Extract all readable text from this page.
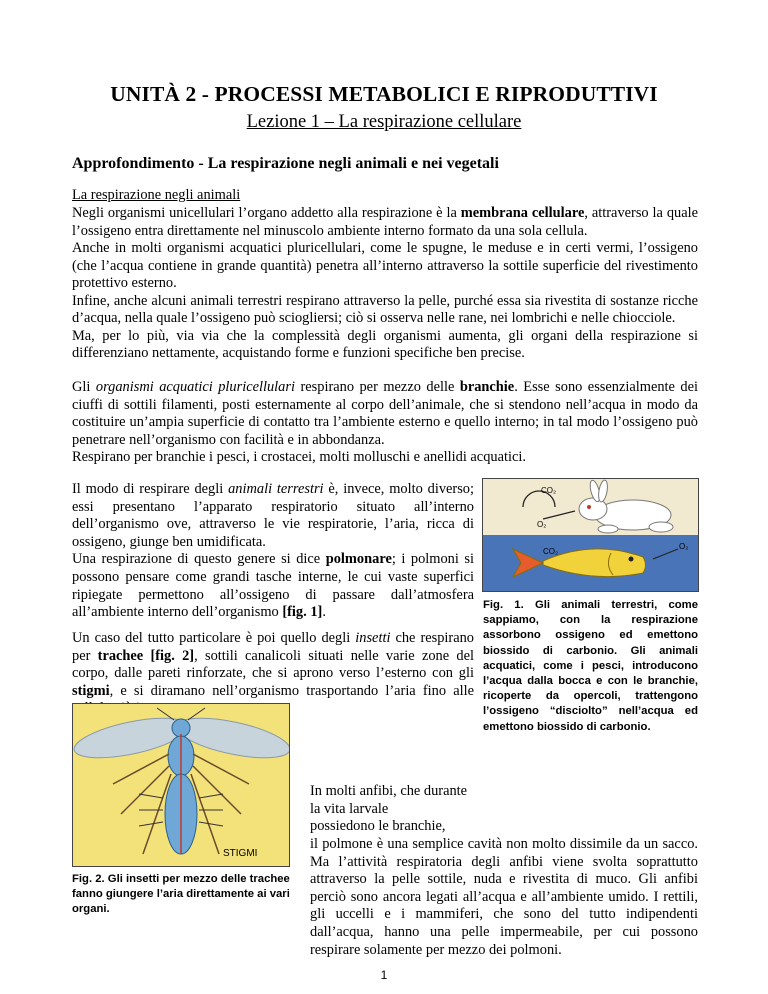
UNITÀ 2 - PROCESSI METABOLICI E RIPRODUTTIVI
Lezione 1 – La respirazione cellulare
Approfondimento - La respirazione negli animali e nei vegetali
La respirazione negli animali
Negli organismi unicellulari l’organo addetto alla respirazione è la membrana cellulare, attraverso la quale l’ossigeno entra direttamente nel minuscolo ambiente interno formato da una sola cellula.
Anche in molti organismi acquatici pluricellulari, come le spugne, le meduse e in certi vermi, l’ossigeno (che l’acqua contiene in grande quantità) penetra all’interno attraverso la sottile superficie del rivestimento protettivo esterno.
Infine, anche alcuni animali terrestri respirano attraverso la pelle, purché essa sia rivestita di sostanze ricche d’acqua, nella quale l’ossigeno può sciogliersi; ciò si osserva nelle rane, nei lombrichi e nelle chiocciole.
Ma, per lo più, via via che la complessità degli organismi aumenta, gli organi della respirazione si differenziano nettamente, acquistando forme e funzioni specifiche ben precise.
Gli organismi acquatici pluricellulari respirano per mezzo delle branchie. Esse sono essenzialmente dei ciuffi di sottili filamenti, posti esternamente al corpo dell’animale, che si stendono nell’acqua in modo da costituire un’ampia superficie di contatto tra l’ambiente esterno e quello interno; in tal modo l’ossigeno può penetrare nell’organismo con facilità e in abbondanza.
Respirano per branchie i pesci, i crostacei, molti molluschi e anellidi acquatici.
Il modo di respirare degli animali terrestri è, invece, molto diverso; essi presentano l’apparato respiratorio situato all’interno dell’organismo ove, attraverso le vie respiratorie, l’aria, ricca di ossigeno, giunge ben umidificata.
Una respirazione di questo genere si dice polmonare; i polmoni si possono pensare come grandi tasche interne, le cui vaste superfici ripiegate permettono all’ossigeno di passare dall’atmosfera all’ambiente interno dell’organismo [fig. 1].
Un caso del tutto particolare è poi quello degli insetti che respirano per trachee [fig. 2], sottili canalicoli situati nelle varie zone del corpo, dalle pareti rinforzate, che si aprono verso l’esterno con gli stigmi, e si diramano nell’organismo trasportando l’aria fino alle
CO₂
O₂
CO₂
O₂
Fig. 1. Gli animali terrestri, come sappiamo, con la respirazione assorbono ossigeno ed emettono biossido di carbonio. Gli animali acquatici, come i pesci, introducono l’acqua dalla bocca e con le branchie, ricoperte da opercoli, trattengono l’ossigeno “disciolto” nell’acqua ed emettono biossido di carbonio.
STIGMI
Fig. 2. Gli insetti per mezzo delle trachee fanno giungere l’aria direttamente ai vari organi.
In molti anfibi, che durante la vita larvale
possiedono le branchie,
il polmone è una semplice cavità non molto dissimile da un sacco. Ma l’attività respiratoria degli anfibi viene svolta soprattutto attraverso la pelle sottile, nuda e rivestita di muco. Gli anfibi perciò sono ancora legati all’acqua e all’ambiente umido. I rettili, gli uccelli e i mammiferi, che sono del tutto indipendenti dall’acqua, hanno una pelle impermeabile, per cui possono respirare solamente per mezzo dei polmoni.
1
